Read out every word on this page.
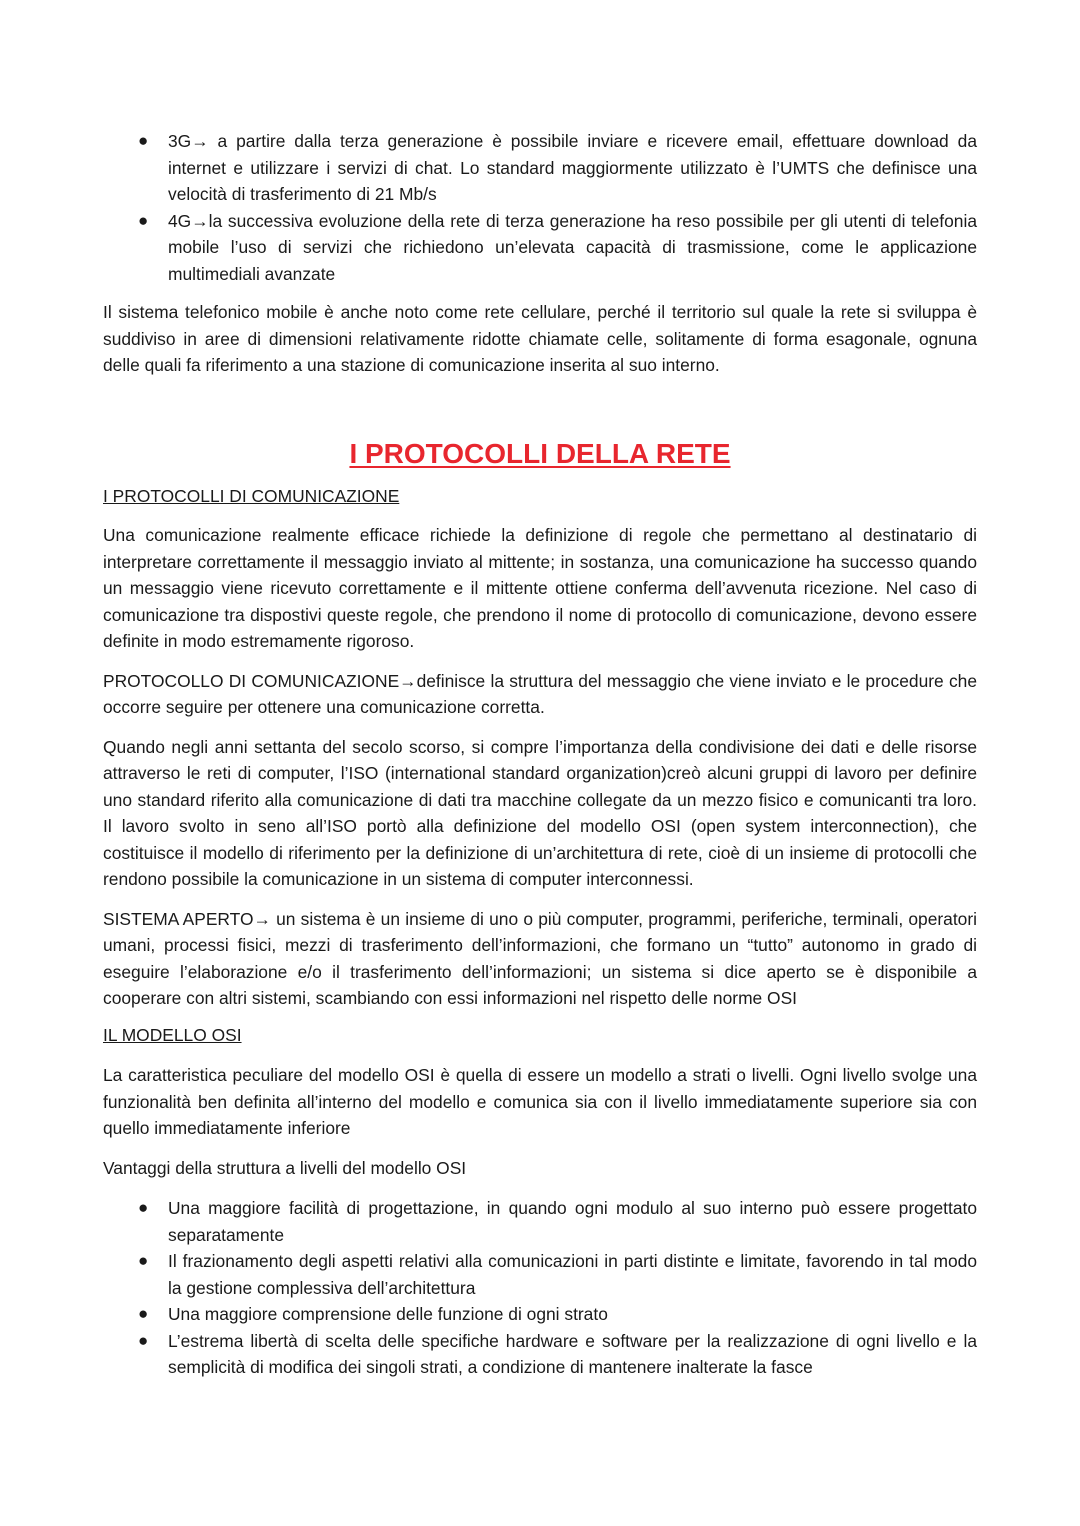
● 3G→ a partire dalla terza generazione è possibile inviare e ricevere email, effettuare download da internet e utilizzare i servizi di chat. Lo standard maggiormente utilizzato è l’UMTS che definisce una velocità di trasferimento di 21 Mb/s
● 4G→la successiva evoluzione della rete di terza generazione ha reso possibile per gli utenti di telefonia mobile l’uso di servizi che richiedono un’elevata capacità di trasmissione, come le applicazione multimediali avanzate

Il sistema telefonico mobile è anche noto come rete cellulare, perché il territorio sul quale la rete si sviluppa è suddiviso in aree di dimensioni relativamente ridotte chiamate celle, solitamente di forma esagonale, ognuna delle quali fa riferimento a una stazione di comunicazione inserita al suo interno.

I PROTOCOLLI DELLA RETE

I PROTOCOLLI DI COMUNICAZIONE

Una comunicazione realmente efficace richiede la definizione di regole che permettano al destinatario di interpretare correttamente il messaggio inviato al mittente; in sostanza, una comunicazione ha successo quando un messaggio viene ricevuto correttamente e il mittente ottiene conferma dell’avvenuta ricezione. Nel caso di comunicazione tra dispostivi queste regole, che prendono il nome di protocollo di comunicazione, devono essere definite in modo estremamente rigoroso.

PROTOCOLLO DI COMUNICAZIONE→definisce la struttura del messaggio che viene inviato e le procedure che occorre seguire per ottenere una comunicazione corretta.

Quando negli anni settanta del secolo scorso, si compre l’importanza della condivisione dei dati e delle risorse attraverso le reti di computer, l’ISO (international standard organization)creò alcuni gruppi di lavoro per definire uno standard riferito alla comunicazione di dati tra macchine collegate da un mezzo fisico e comunicanti tra loro. Il lavoro svolto in seno all’ISO portò alla definizione del modello OSI (open system interconnection), che costituisce il modello di riferimento per la definizione di un’architettura di rete, cioè di un insieme di protocolli che rendono possibile la comunicazione in un sistema di computer interconnessi.

SISTEMA APERTO→ un sistema è un insieme di uno o più computer, programmi, periferiche, terminali, operatori umani, processi fisici, mezzi di trasferimento dell’informazioni, che formano un “tutto” autonomo in grado di eseguire l’elaborazione e/o il trasferimento dell’informazioni; un sistema si dice aperto se è disponibile a cooperare con altri sistemi, scambiando con essi informazioni nel rispetto delle norme OSI

IL MODELLO OSI

La caratteristica peculiare del modello OSI è quella di essere un modello a strati o livelli. Ogni livello svolge una funzionalità ben definita all’interno del modello e comunica sia con il livello immediatamente superiore sia con quello immediatamente inferiore

Vantaggi della struttura a livelli del modello OSI

● Una maggiore facilità di progettazione, in quando ogni modulo al suo interno può essere progettato separatamente
● Il frazionamento degli aspetti relativi alla comunicazioni in parti distinte e limitate, favorendo in tal modo la gestione complessiva dell’architettura
● Una maggiore comprensione delle funzione di ogni strato
● L’estrema libertà di scelta delle specifiche hardware e software per la realizzazione di ogni livello e la semplicità di modifica dei singoli strati, a condizione di mantenere inalterate la fasce
